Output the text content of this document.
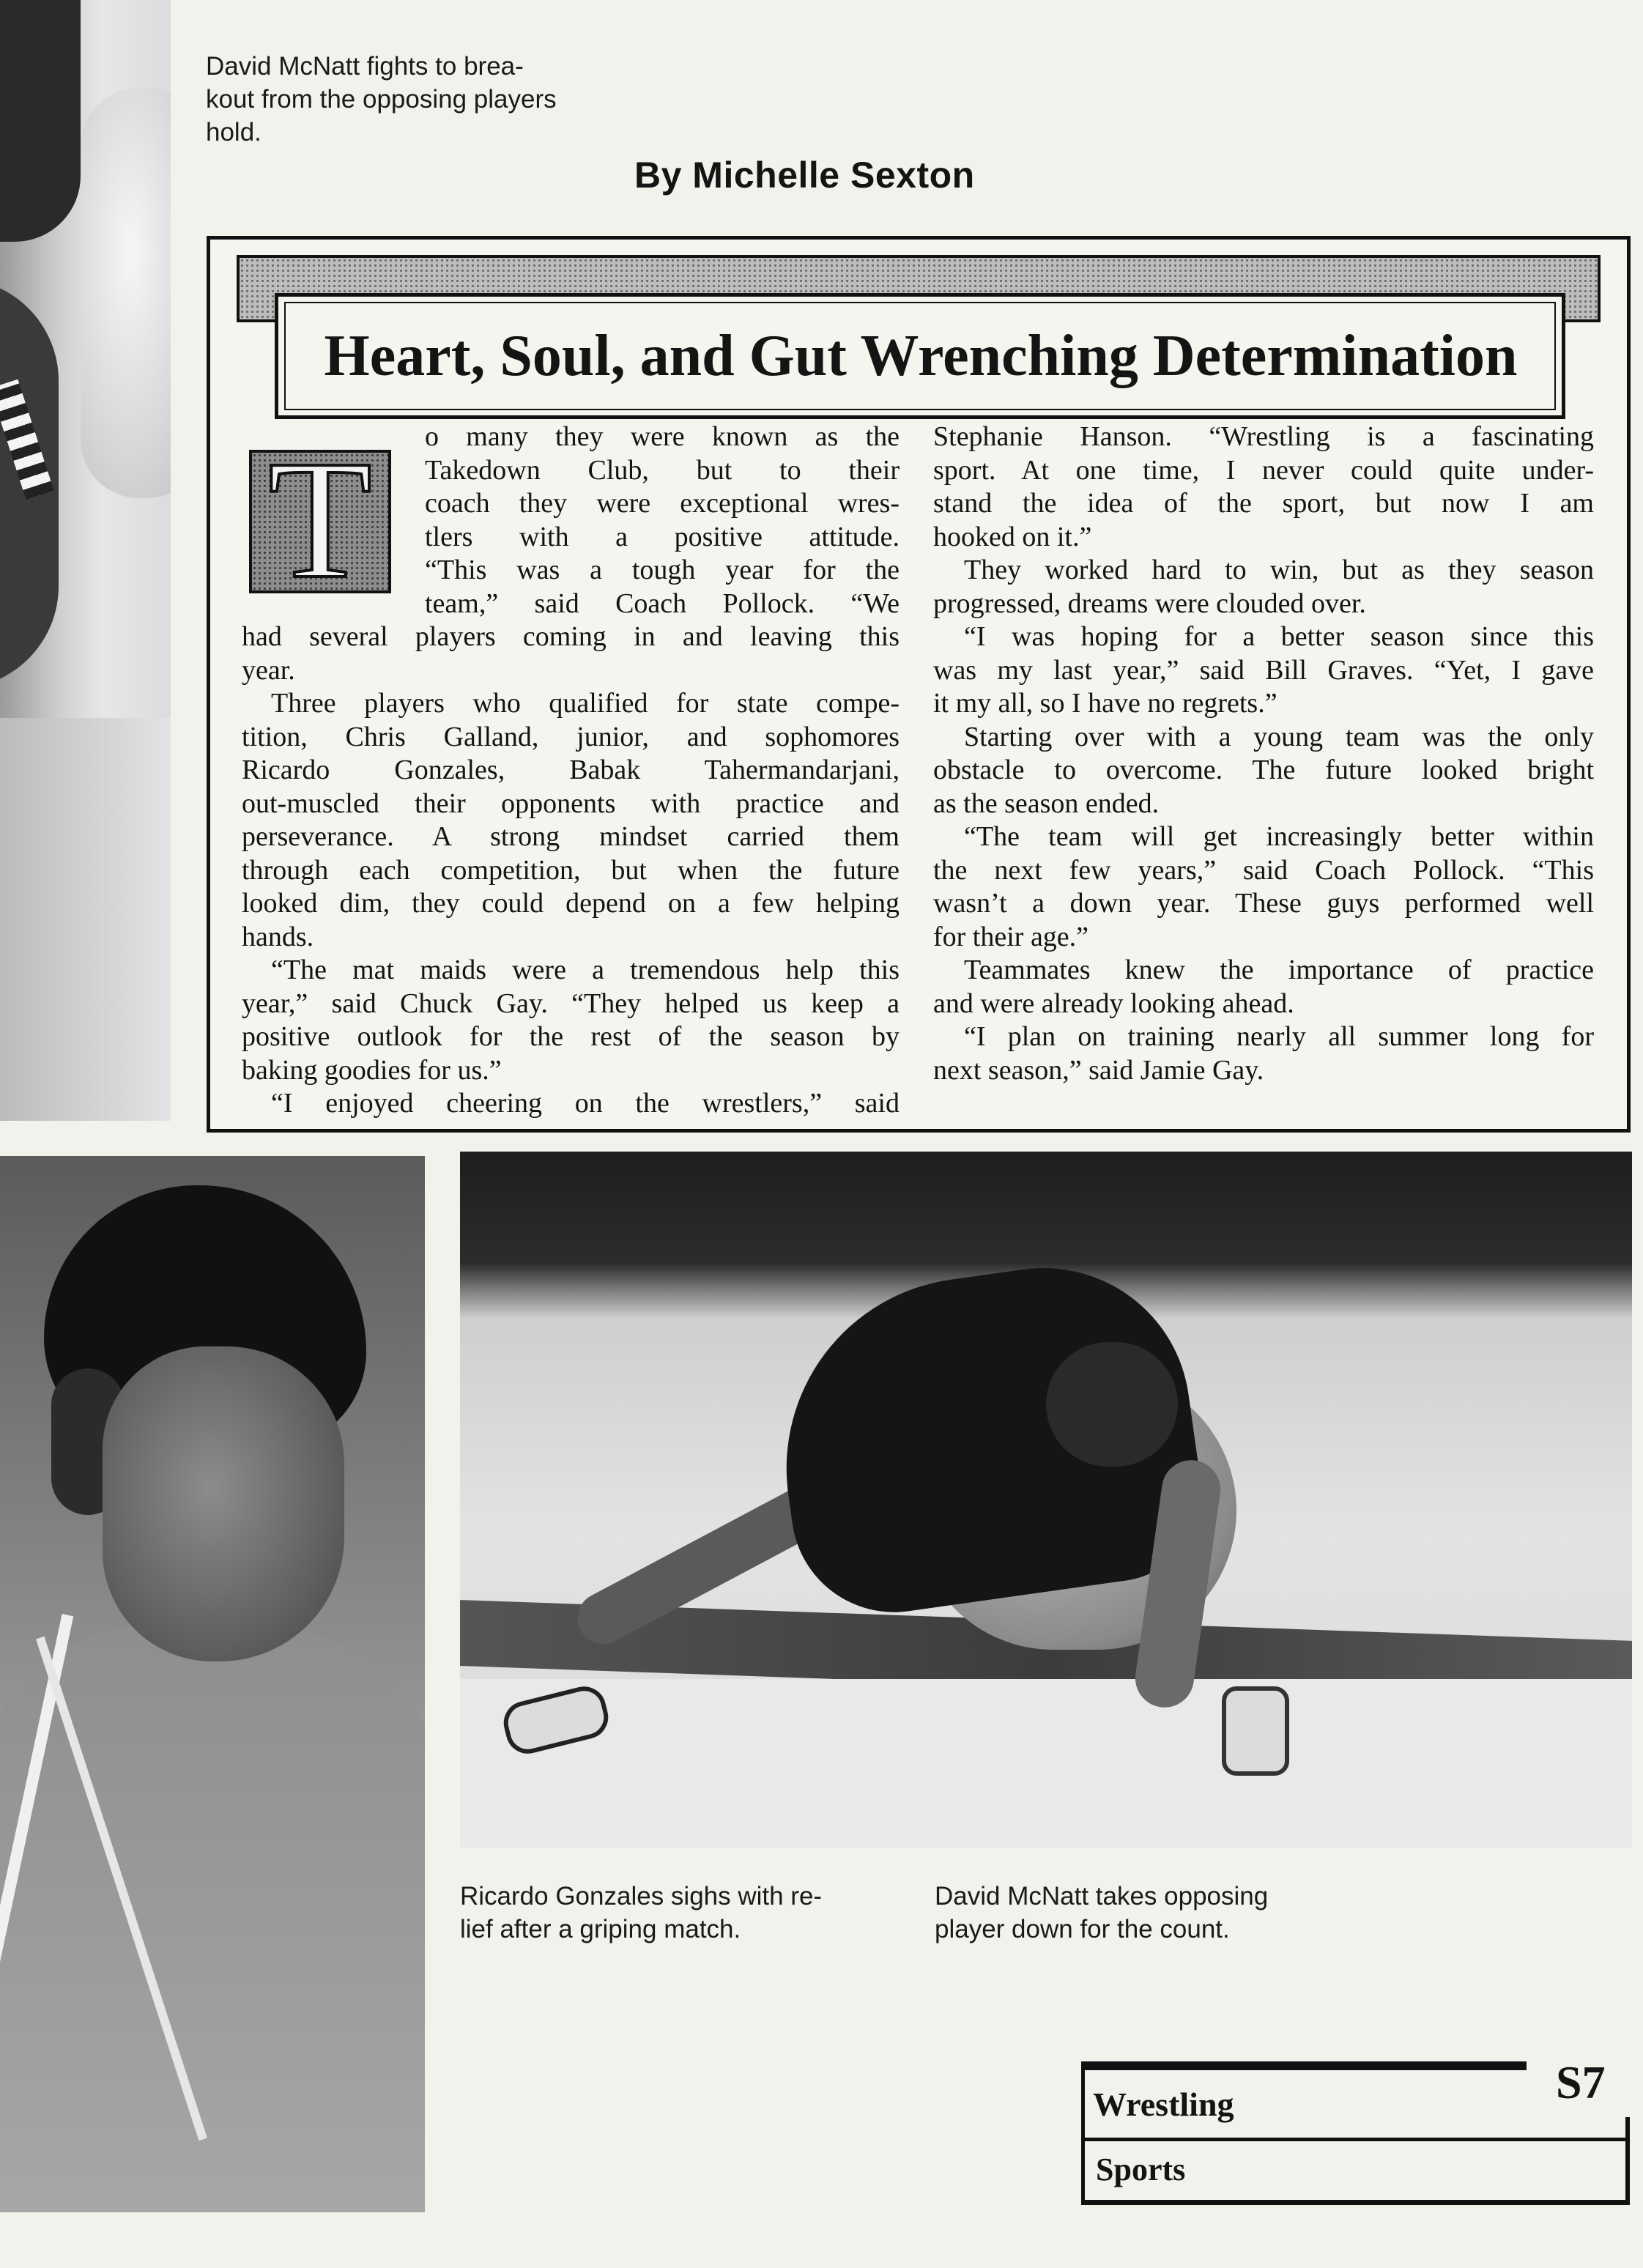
David McNatt fights to brea-
kout from the opposing players
hold.
By Michelle Sexton
Heart, Soul, and Gut Wrenching Determination
T	o many they were known as the
Takedown Club, but to their
coach they were exceptional wres-
tlers with a positive attitude.
“This was a tough year for the
team,” said Coach Pollock. “We
had several players coming in and leaving this
year.
Three players who qualified for state compe-
tition, Chris Galland, junior, and sophomores
Ricardo Gonzales, Babak Tahermandarjani,
out-muscled their opponents with practice and
perseverance. A strong mindset carried them
through each competition, but when the future
looked dim, they could depend on a few helping
hands.
“The mat maids were a tremendous help this
year,” said Chuck Gay. “They helped us keep a
positive outlook for the rest of the season by
baking goodies for us.”
“I enjoyed cheering on the wrestlers,” said
Stephanie Hanson. “Wrestling is a fascinating
sport. At one time, I never could quite under-
stand the idea of the sport, but now I am
hooked on it.”
They worked hard to win, but as they season
progressed, dreams were clouded over.
“I was hoping for a better season since this
was my last year,” said Bill Graves. “Yet, I gave
it my all, so I have no regrets.”
Starting over with a young team was the only
obstacle to overcome. The future looked bright
as the season ended.
“The team will get increasingly better within
the next few years,” said Coach Pollock. “This
wasn’t a down year. These guys performed well
for their age.”
Teammates knew the importance of practice
and were already looking ahead.
“I plan on training nearly all summer long for
next season,” said Jamie Gay.
Ricardo Gonzales sighs with re-
lief after a griping match.
David McNatt takes opposing
player down for the count.
S7
Wrestling
Sports
